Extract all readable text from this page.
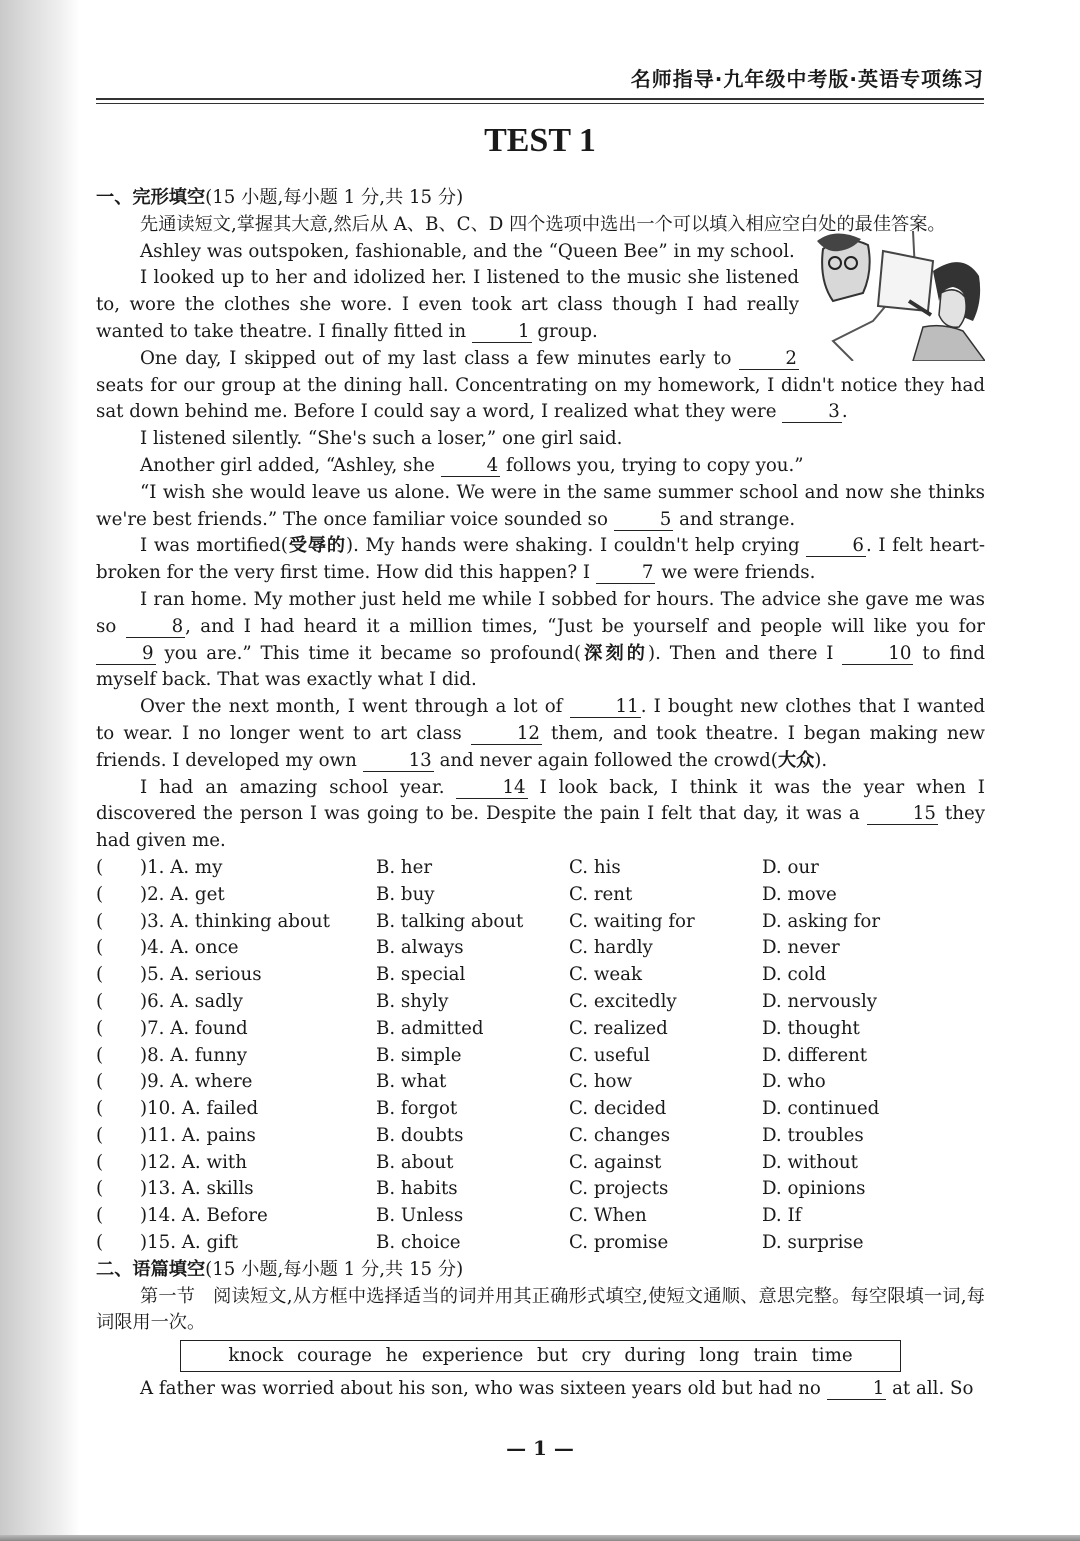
名师指导·九年级中考版·英语专项练习
TEST 1

一、完形填空(15 小题,每小题 1 分,共 15 分)

先通读短文,掌握其大意,然后从 A、B、C、D 四个选项中选出一个可以填入相应空白处的最佳答案。

Ashley was outspoken, fashionable, and the “Queen Bee” in my school.

I looked up to her and idolized her. I listened to the music she listened to, wore the clothes she wore. I even took art class though I had really wanted to take theatre. I finally fitted in	1 group.

One day, I skipped out of my last class a few minutes early to	2 seats for our group at the dining hall. Concentrating on my homework, I didn't notice they had sat down behind me. Before I could say a word, I realized what they were	3 .

I listened silently. “She's such a loser,” one girl said.

Another girl added, “Ashley, she	4 follows you, trying to copy you.”

“I wish she would leave us alone. We were in the same summer school and now she thinks we're best friends.” The once familiar voice sounded so	5 and strange.

I was mortified(受辱的). My hands were shaking. I couldn't help crying	6 . I felt heart-broken for the very first time. How did this happen? I	7 we were friends.

I ran home. My mother just held me while I sobbed for hours. The advice she gave me was so	8 , and I had heard it a million times, “Just be yourself and people will like you for 9 you are.” This time it became so profound(深刻的). Then and there I	10 to find myself back. That was exactly what I did.

Over the next month, I went through a lot of	11 . I bought new clothes that I wanted to wear. I no longer went to art class	12 them, and took theatre. I began making new friends. I developed my own	13 and never again followed the crowd(大众).

I had an amazing school year.	14 I look back, I think it was the year when I discovered the person I was going to be. Despite the pain I felt that day, it was a	15 they had given me.

(	)1. A. my	B. her	C. his	D. our
(	)2. A. get	B. buy	C. rent	D. move
(	)3. A. thinking about	B. talking about	C. waiting for	D. asking for
(	)4. A. once	B. always	C. hardly	D. never
(	)5. A. serious	B. special	C. weak	D. cold
(	)6. A. sadly	B. shyly	C. excitedly	D. nervously
(	)7. A. found	B. admitted	C. realized	D. thought
(	)8. A. funny	B. simple	C. useful	D. different
(	)9. A. where	B. what	C. how	D. who
(	)10. A. failed	B. forgot	C. decided	D. continued
(	)11. A. pains	B. doubts	C. changes	D. troubles
(	)12. A. with	B. about	C. against	D. without
(	)13. A. skills	B. habits	C. projects	D. opinions
(	)14. A. Before	B. Unless	C. When	D. If
(	)15. A. gift	B. choice	C. promise	D. surprise

二、语篇填空(15 小题,每小题 1 分,共 15 分)

第一节 阅读短文,从方框中选择适当的词并用其正确形式填空,使短文通顺、意思完整。每空限填一词,每词限用一次。

knock courage he experience but cry during long train time

A father was worried about his son, who was sixteen years old but had no	1 at all. So

— 1 —
